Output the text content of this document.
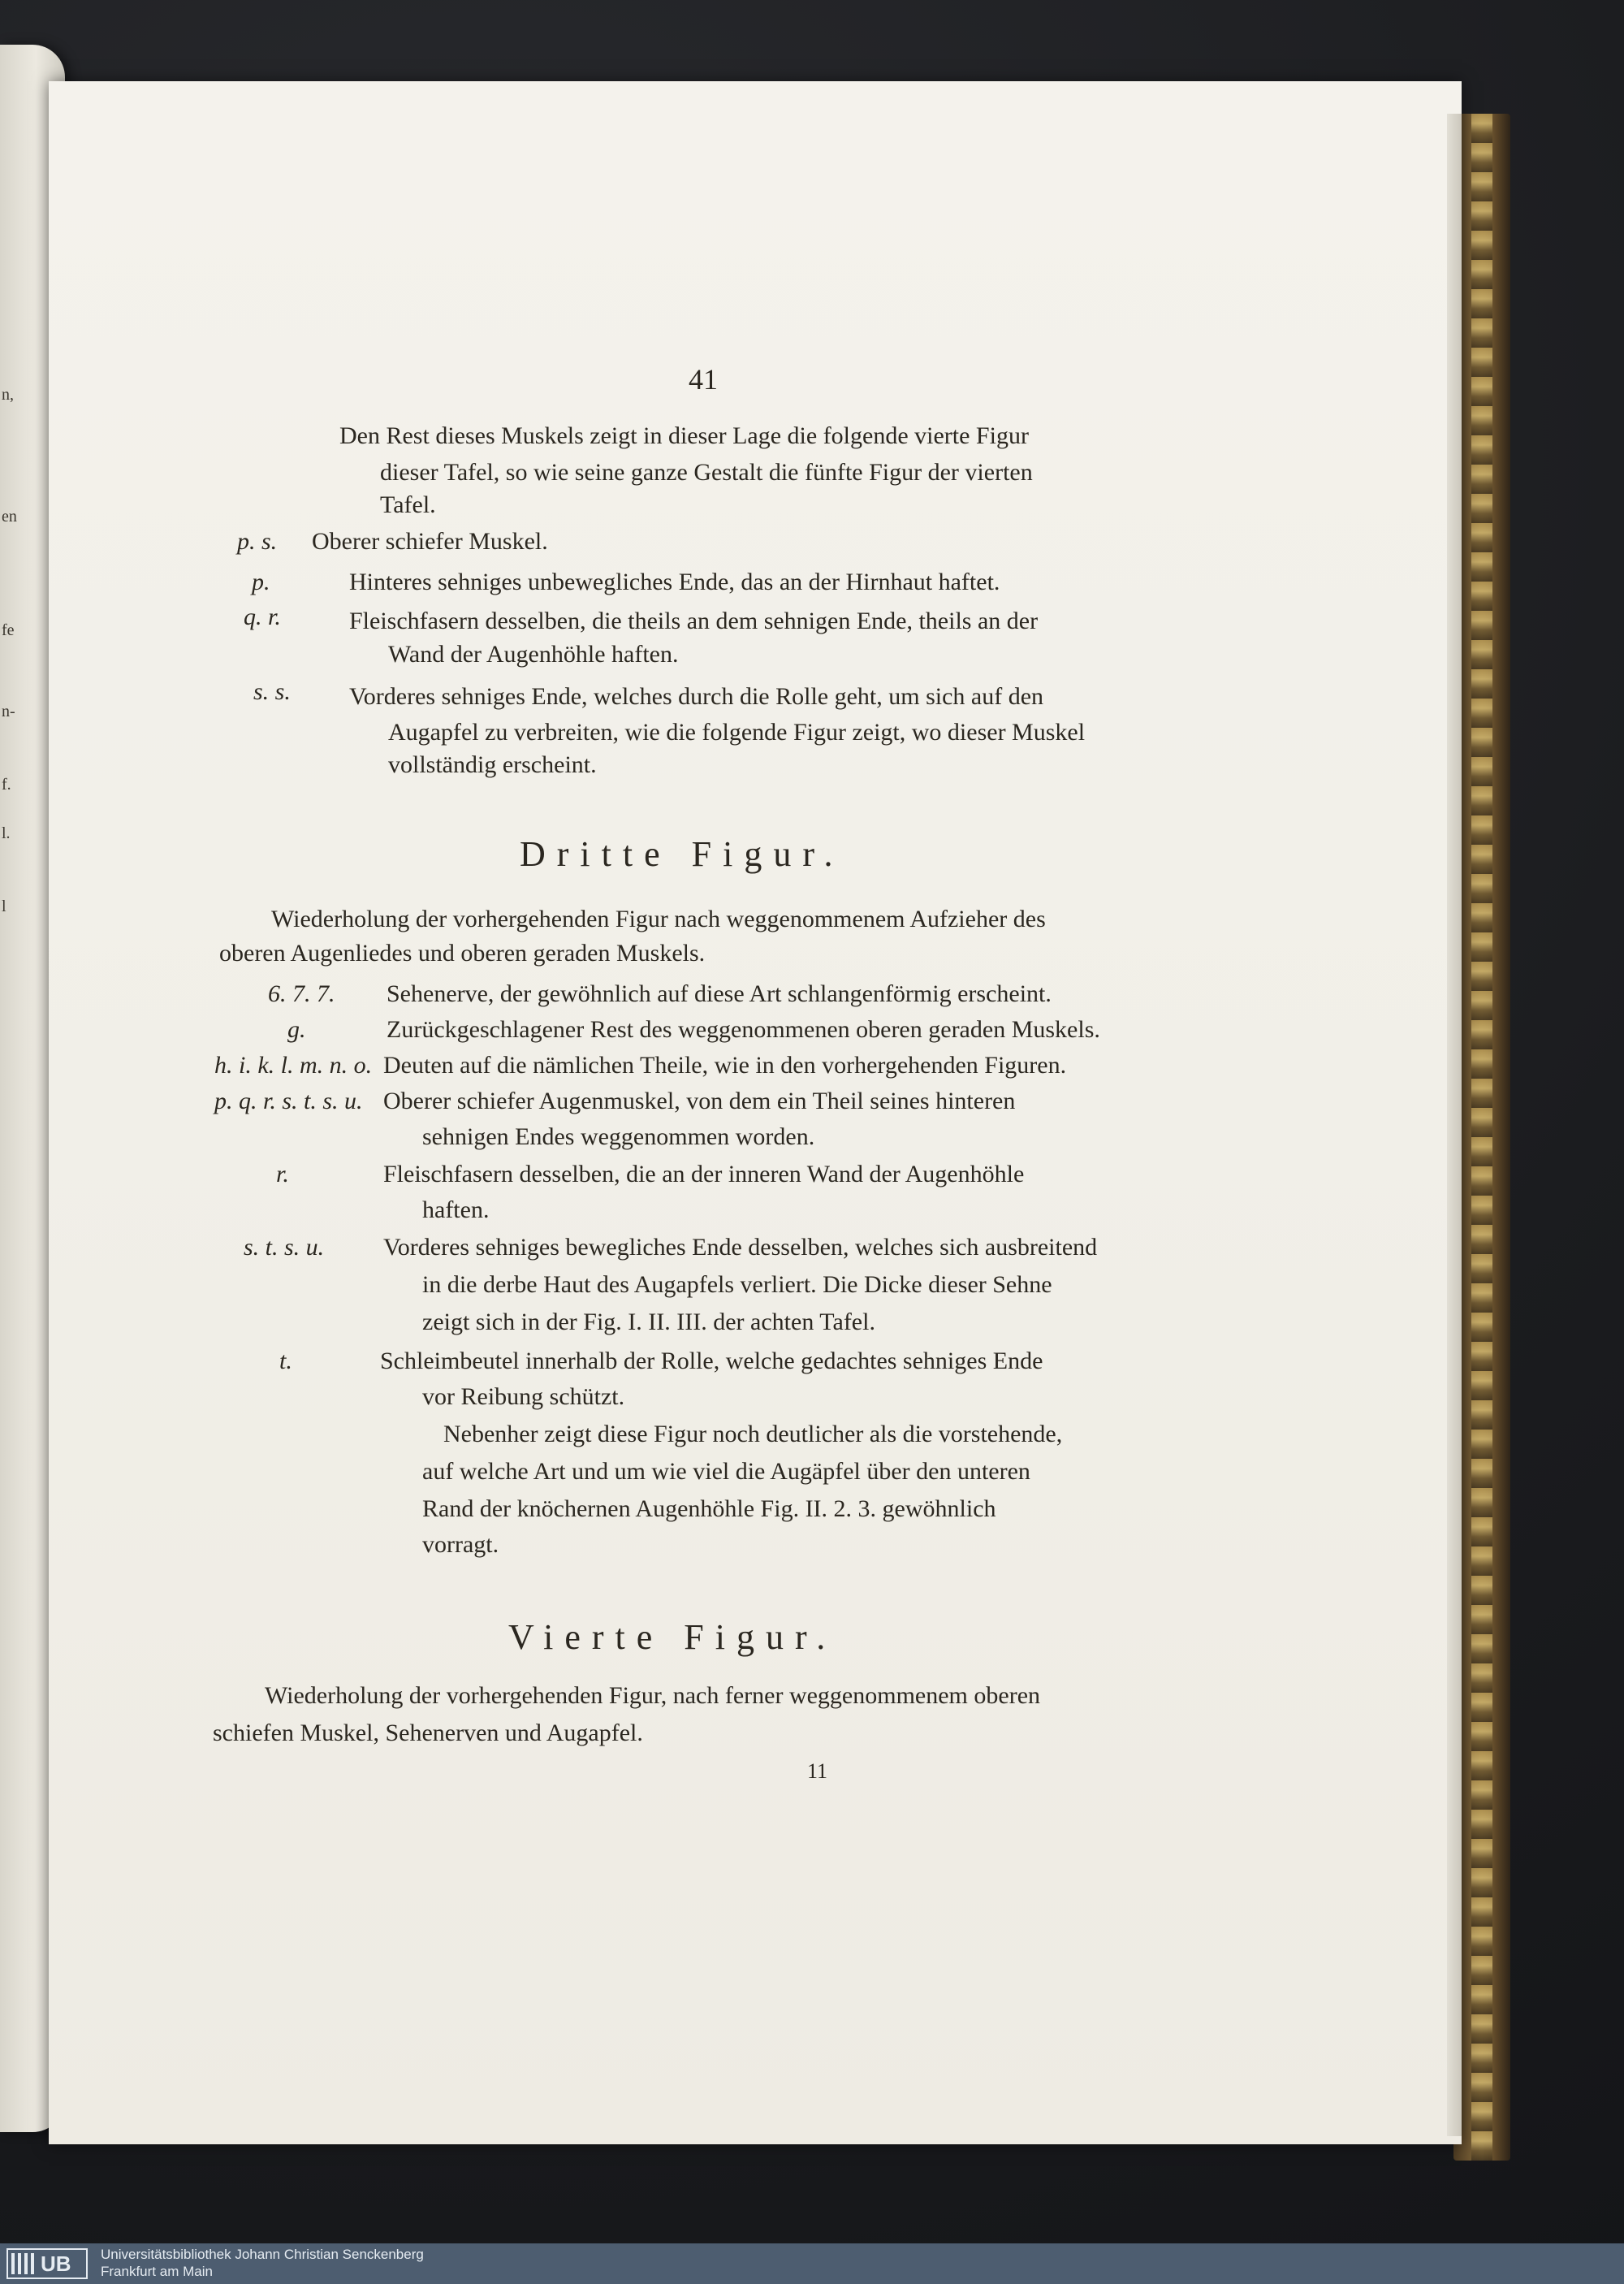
n,
en
fe
n-
f.
l.
l
41
Den Rest dieses Muskels zeigt in dieser Lage die folgende vierte Figur
dieser Tafel, so wie seine ganze Gestalt die fünfte Figur der vierten
Tafel.
p. s. Oberer schiefer Muskel.
p.	Hinteres sehniges unbewegliches Ende, das an der Hirnhaut haftet.
q. r.	Fleischfasern desselben, die theils an dem sehnigen Ende, theils an der
Wand der Augenhöhle haften.
s. s. Vorderes sehniges Ende, welches durch die Rolle geht, um sich auf den
Augapfel zu verbreiten, wie die folgende Figur zeigt, wo dieser Muskel
vollständig erscheint.
Dritte Figur.
Wiederholung der vorhergehenden Figur nach weggenommenem Aufzieher des
oberen Augenliedes und oberen geraden Muskels.
6. 7. 7. Sehenerve, der gewöhnlich auf diese Art schlangenförmig erscheint.
g.	Zurückgeschlagener Rest des weggenommenen oberen geraden Muskels.
h. i. k. l. m. n. o. Deuten auf die nämlichen Theile, wie in den vorhergehenden Figuren.
p. q. r. s. t. s. u. Oberer schiefer Augenmuskel, von dem ein Theil seines hinteren
sehnigen Endes weggenommen worden.
r.	Fleischfasern desselben, die an der inneren Wand der Augenhöhle
haften.
s. t. s. u. Vorderes sehniges bewegliches Ende desselben, welches sich ausbreitend
in die derbe Haut des Augapfels verliert. Die Dicke dieser Sehne
zeigt sich in der Fig. I. II. III. der achten Tafel.
t.	Schleimbeutel innerhalb der Rolle, welche gedachtes sehniges Ende
vor Reibung schützt.
Nebenher zeigt diese Figur noch deutlicher als die vorstehende,
auf welche Art und um wie viel die Augäpfel über den unteren
Rand der knöchernen Augenhöhle Fig. II. 2. 3. gewöhnlich
vorragt.
Vierte Figur.
Wiederholung der vorhergehenden Figur, nach ferner weggenommenem oberen
schiefen Muskel, Sehenerven und Augapfel.
11
UB	Universitätsbibliothek Johann Christian Senckenberg
Frankfurt am Main
